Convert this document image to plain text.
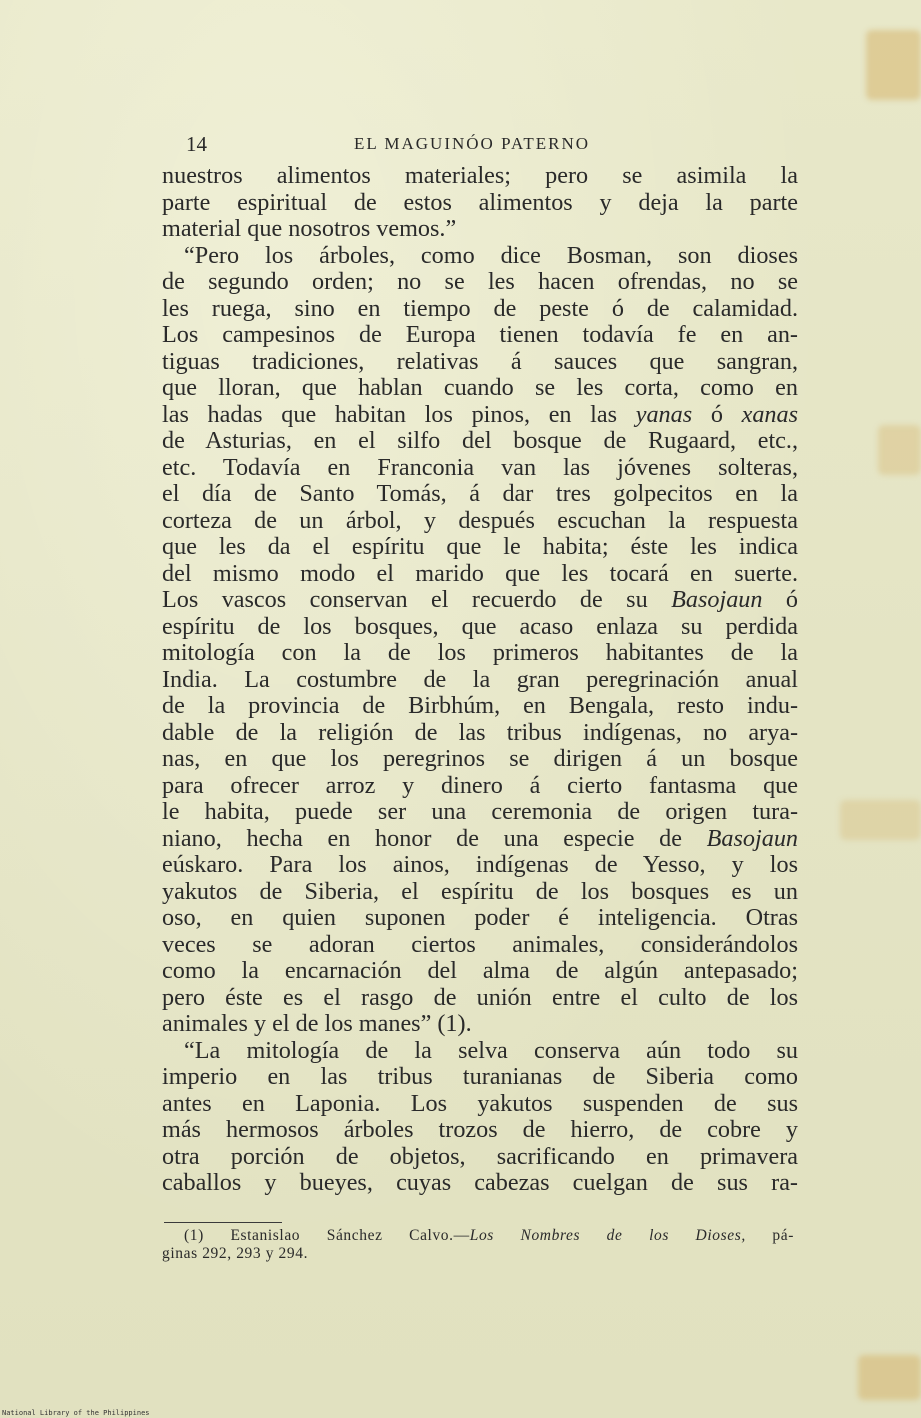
14	EL MAGUINÓO PATERNO
nuestros alimentos materiales; pero se asimila la
parte espiritual de estos alimentos y deja la parte
material que nosotros vemos.”
“Pero los árboles, como dice Bosman, son dioses
de segundo orden; no se les hacen ofrendas, no se
les ruega, sino en tiempo de peste ó de calamidad.
Los campesinos de Europa tienen todavía fe en an-
tiguas tradiciones, relativas á sauces que sangran,
que lloran, que hablan cuando se les corta, como en
las hadas que habitan los pinos, en las yanas ó xanas
de Asturias, en el silfo del bosque de Rugaard, etc.,
etc. Todavía en Franconia van las jóvenes solteras,
el día de Santo Tomás, á dar tres golpecitos en la
corteza de un árbol, y después escuchan la respuesta
que les da el espíritu que le habita; éste les indica
del mismo modo el marido que les tocará en suerte.
Los vascos conservan el recuerdo de su Basojaun ó
espíritu de los bosques, que acaso enlaza su perdida
mitología con la de los primeros habitantes de la
India. La costumbre de la gran peregrinación anual
de la provincia de Birbhúm, en Bengala, resto indu-
dable de la religión de las tribus indígenas, no arya-
nas, en que los peregrinos se dirigen á un bosque
para ofrecer arroz y dinero á cierto fantasma que
le habita, puede ser una ceremonia de origen tura-
niano, hecha en honor de una especie de Basojaun
eúskaro. Para los ainos, indígenas de Yesso, y los
yakutos de Siberia, el espíritu de los bosques es un
oso, en quien suponen poder é inteligencia. Otras
veces se adoran ciertos animales, considerándolos
como la encarnación del alma de algún antepasado;
pero éste es el rasgo de unión entre el culto de los
animales y el de los manes” (1).
“La mitología de la selva conserva aún todo su
imperio en las tribus turanianas de Siberia como
antes en Laponia. Los yakutos suspenden de sus
más hermosos árboles trozos de hierro, de cobre y
otra porción de objetos, sacrificando en primavera
caballos y bueyes, cuyas cabezas cuelgan de sus ra-
(1) Estanislao Sánchez Calvo.—Los Nombres de los Dioses, pá-
ginas 292, 293 y 294.
National Library of the Philippines
